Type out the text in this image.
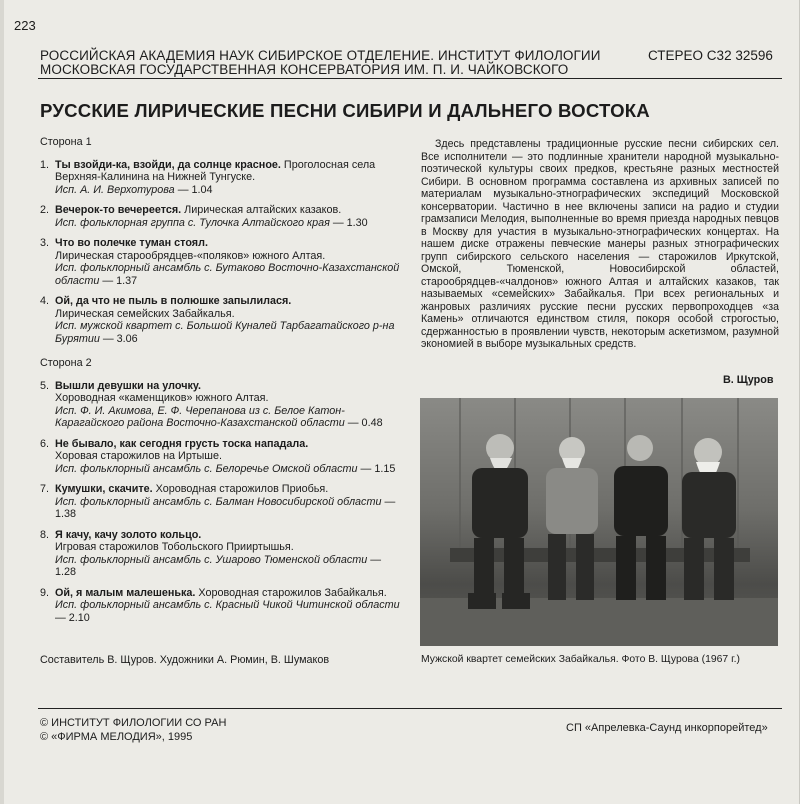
223
РОССИЙСКАЯ АКАДЕМИЯ НАУК СИБИРСКОЕ ОТДЕЛЕНИЕ. ИНСТИТУТ ФИЛОЛОГИИ
МОСКОВСКАЯ ГОСУДАРСТВЕННАЯ КОНСЕРВАТОРИЯ ИМ. П. И. ЧАЙКОВСКОГО
СТЕРЕО С32 32596
РУССКИЕ ЛИРИЧЕСКИЕ ПЕСНИ СИБИРИ И ДАЛЬНЕГО ВОСТОКА
Сторона 1
1. Ты взойди-ка, взойди, да солнце красное. Проголосная села Верхняя-Калинина на Нижней Тунгуске.
Исп. А. И. Верхотурова — 1.04
2. Вечерок-то вечереется. Лирическая алтайских казаков.
Исп. фольклорная группа с. Тулочка Алтайского края — 1.30
3. Что во полечке туман стоял.
Лирическая старообрядцев-«поляков» южного Алтая.
Исп. фольклорный ансамбль с. Бутаково Восточно-Казахстанской области — 1.37
4. Ой, да что не пыль в полюшке запылилася.
Лирическая семейских Забайкалья.
Исп. мужской квартет с. Большой Куналей Тарбагатайского р-на Бурятии — 3.06
Сторона 2
5. Вышли девушки на улочку.
Хороводная «каменщиков» южного Алтая.
Исп. Ф. И. Акимова, Е. Ф. Черепанова из с. Белое Катон-Карагайского района Восточно-Казахстанской области — 0.48
6. Не бывало, как сегодня грусть тоска нападала.
Хоровая старожилов на Иртыше.
Исп. фольклорный ансамбль с. Белоречье Омской области — 1.15
7. Кумушки, скачите. Хороводная старожилов Приобья.
Исп. фольклорный ансамбль с. Балман Новосибирской области — 1.38
8. Я качу, качу золото кольцо.
Игровая старожилов Тобольского Прииртышья.
Исп. фольклорный ансамбль с. Ушарово Тюменской области — 1.28
9. Ой, я малым малешенька. Хороводная старожилов Забайкалья.
Исп. фольклорный ансамбль с. Красный Чикой Читинской области — 2.10
Здесь представлены традиционные русские песни сибирских сел. Все исполнители — это подлинные хранители народной музыкально-поэтической культуры своих предков, крестьяне разных местностей Сибири. В основном программа составлена из архивных записей по материалам музыкально-этнографических экспедиций Московской консерватории. Частично в нее включены записи на радио и студии грамзаписи Мелодия, выполненные во время приезда народных певцов в Москву для участия в музыкально-этнографических концертах. На нашем диске отражены певческие манеры разных этнографических групп сибирского сельского населения — старожилов Иркутской, Омской, Тюменской, Новосибирской областей, старообрядцев-«чалдонов» южного Алтая и алтайских казаков, так называемых «семейских» Забайкалья. При всех региональных и жанровых различиях русские песни русских первопроходцев «за Камень» отличаются единством стиля, покоря особой строгостью, сдержанностью в проявлении чувств, некоторым аскетизмом, разумной экономией в выборе музыкальных средств.
В. Щуров
Мужской квартет семейских Забайкалья. Фото В. Щурова (1967 г.)
Составитель В. Щуров. Художники А. Рюмин, В. Шумаков
© ИНСТИТУТ ФИЛОЛОГИИ СО РАН
© «ФИРМА МЕЛОДИЯ», 1995
СП «Апрелевка-Саунд инкорпорейтед»
